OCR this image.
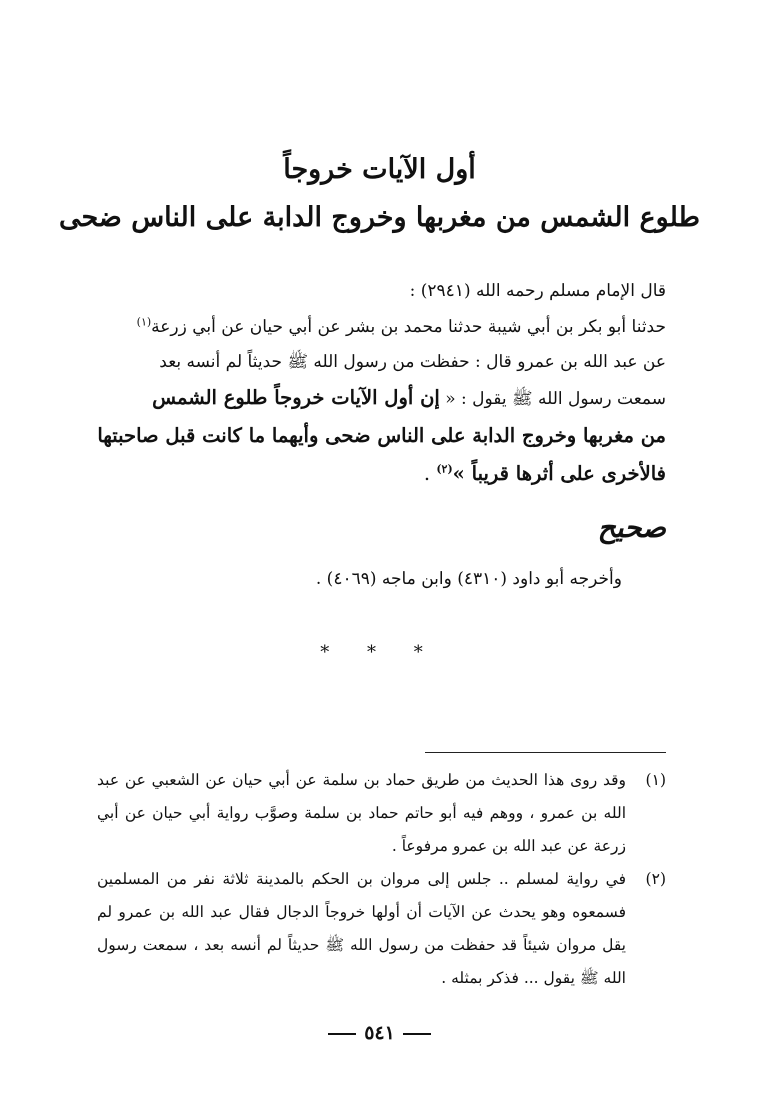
أول الآيات خروجاً
طلوع الشمس من مغربها وخروج الدابة على الناس ضحى

قال الإمام مسلم رحمه الله (٢٩٤١) :

حدثنا أبو بكر بن أبي شيبة حدثنا محمد بن بشر عن أبي حيان عن أبي زرعة$^{(١)}$

عن عبد الله بن عمرو قال : حفظت من رسول الله ﷺ حديثاً لم أنسه بعد

سمعت رسول الله ﷺ يقول : « إن أول الآيات خروجاً طلوع الشمس

من مغربها وخروج الدابة على الناس ضحى وأيهما ما كانت قبل صاحبتها

فالأخرى على أثرها قريباً »$^{(٢)}$ .

صحيح
وأخرجه أبو داود (٤٣١٠) وابن ماجه (٤٠٦٩) .
* * *
(١)
وقد روى هذا الحديث من طريق حماد بن سلمة عن أبي حيان عن الشعبي عن عبد الله بن عمرو ، ووهم فيه أبو حاتم حماد بن سلمة وصوَّب رواية أبي حيان عن أبي زرعة عن عبد الله بن عمرو مرفوعاً .
(٢)
في رواية لمسلم .. جلس إلى مروان بن الحكم بالمدينة ثلاثة نفر من المسلمين فسمعوه وهو يحدث عن الآيات أن أولها خروجاً الدجال فقال عبد الله بن عمرو لم يقل مروان شيئاً قد حفظت من رسول الله ﷺ حديثاً لم أنسه بعد ، سمعت رسول الله ﷺ يقول ... فذكر بمثله .
٥٤١
